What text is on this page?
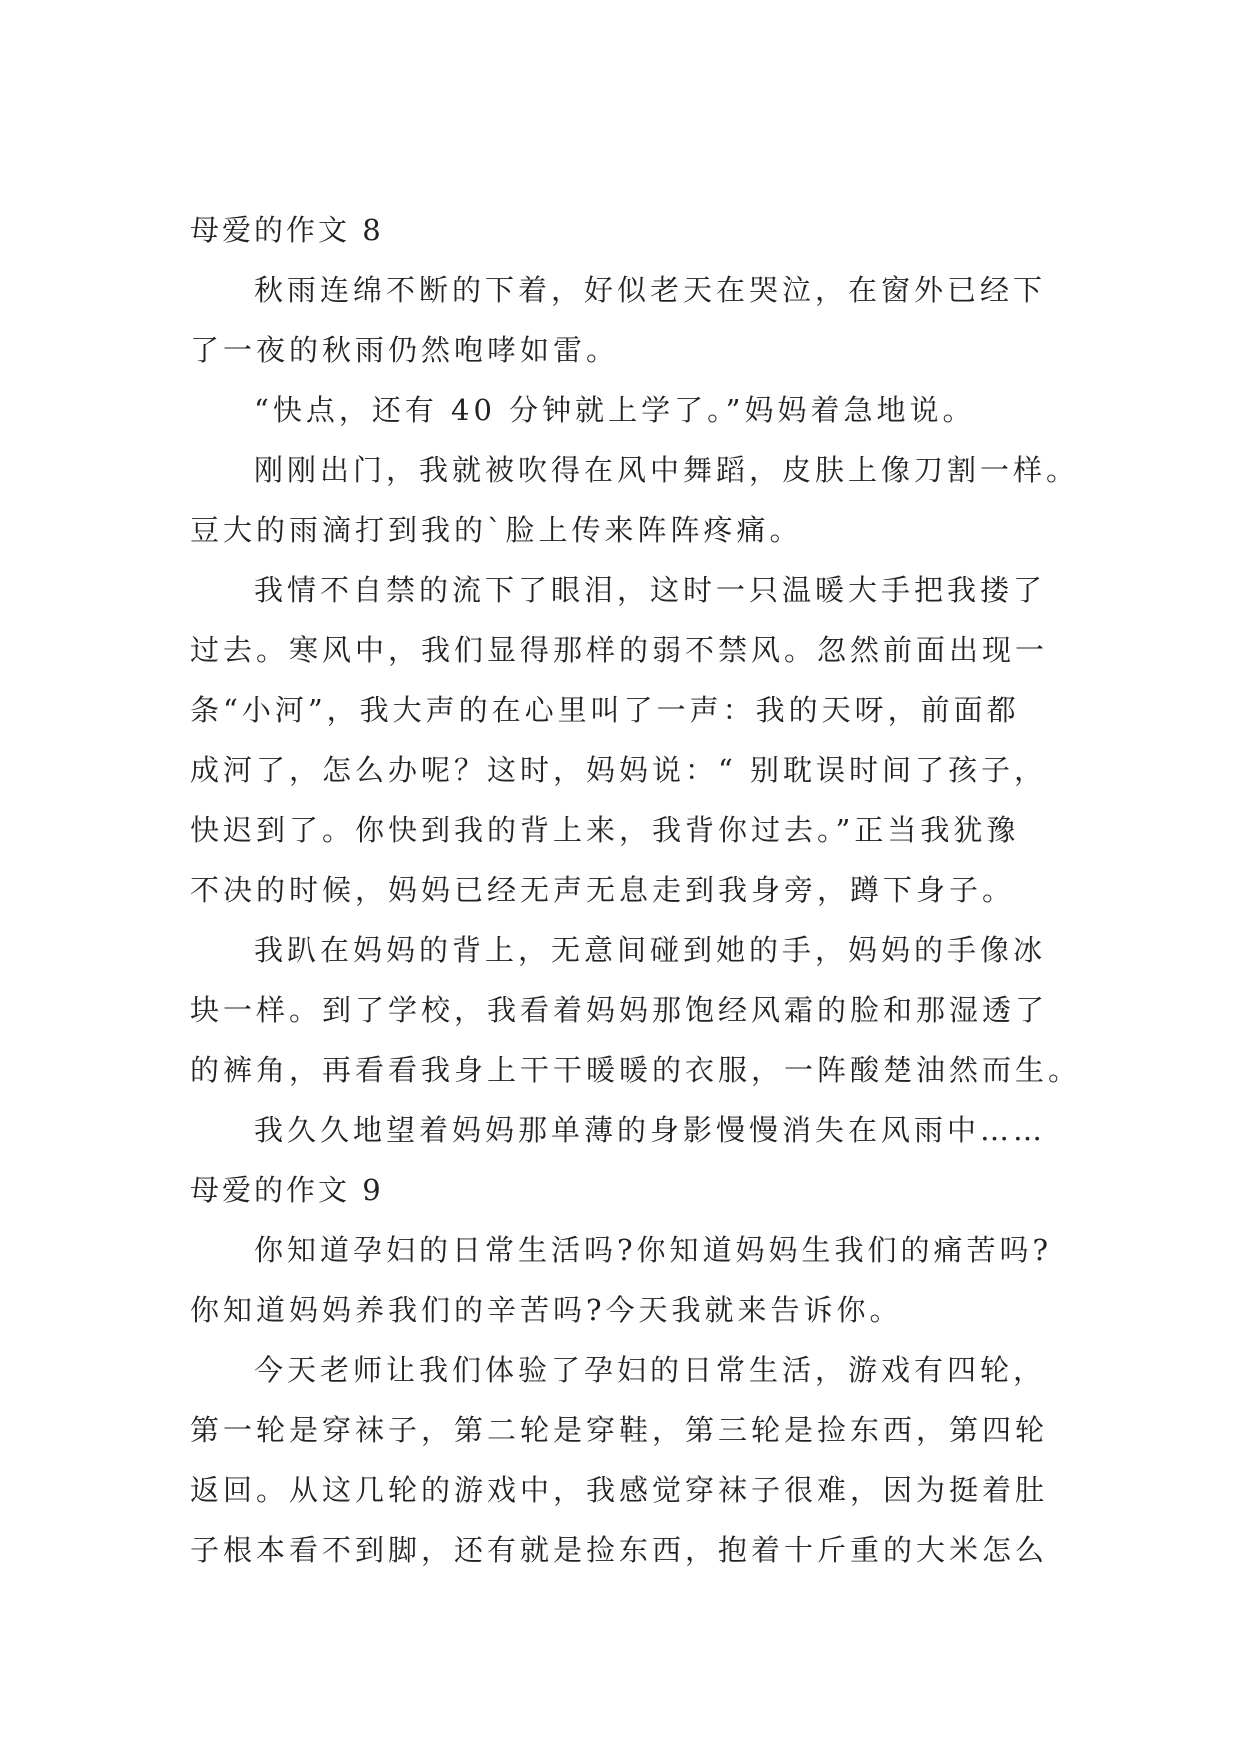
母爱的作文 8
秋雨连绵不断的下着，好似老天在哭泣，在窗外已经下
了一夜的秋雨仍然咆哮如雷。
“快点，还有 40 分钟就上学了。”妈妈着急地说。
刚刚出门，我就被吹得在风中舞蹈，皮肤上像刀割一样。
豆大的雨滴打到我的`脸上传来阵阵疼痛。
我情不自禁的流下了眼泪，这时一只温暖大手把我搂了
过去。寒风中，我们显得那样的弱不禁风。忽然前面出现一
条“小河”，我大声的在心里叫了一声：我的天呀，前面都
成河了，怎么办呢？这时，妈妈说：“ 别耽误时间了孩子，
快迟到了。你快到我的背上来，我背你过去。”正当我犹豫
不决的时候，妈妈已经无声无息走到我身旁，蹲下身子。
我趴在妈妈的背上，无意间碰到她的手，妈妈的手像冰
块一样。到了学校，我看着妈妈那饱经风霜的脸和那湿透了
的裤角，再看看我身上干干暖暖的衣服，一阵酸楚油然而生。
我久久地望着妈妈那单薄的身影慢慢消失在风雨中……
母爱的作文 9
你知道孕妇的日常生活吗?你知道妈妈生我们的痛苦吗?
你知道妈妈养我们的辛苦吗?今天我就来告诉你。
今天老师让我们体验了孕妇的日常生活，游戏有四轮，
第一轮是穿袜子，第二轮是穿鞋，第三轮是捡东西，第四轮
返回。从这几轮的游戏中，我感觉穿袜子很难，因为挺着肚
子根本看不到脚，还有就是捡东西，抱着十斤重的大米怎么
